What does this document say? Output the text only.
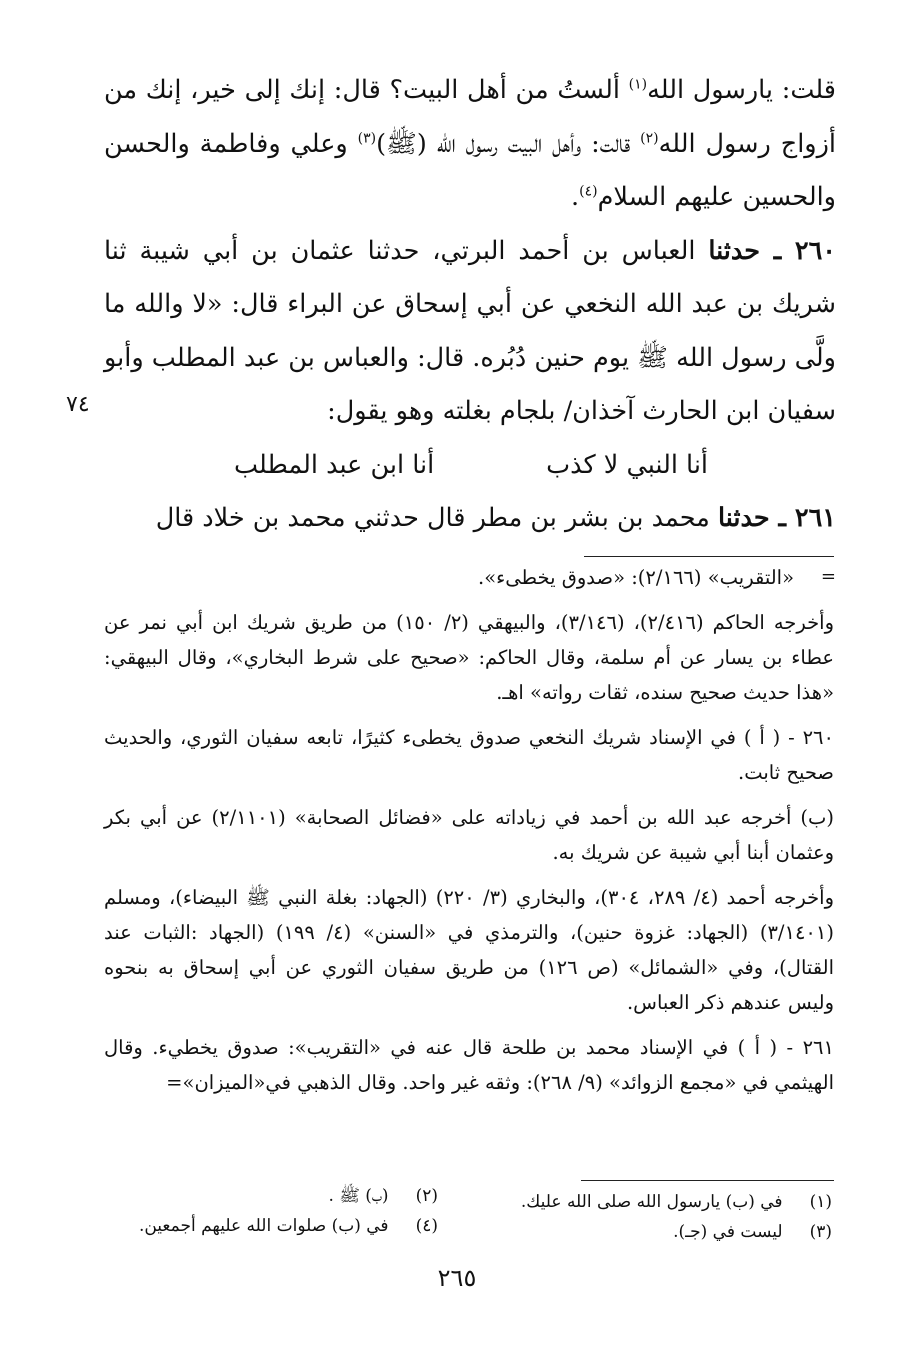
قلت: يارسول الله$^{(١)}$ ألستُ من أهل البيت؟ قال: إنك إلى خير، إنك من أزواج رسول الله$^{(٢)}$ قالت: وأهل البيت رسول الله (ﷺ)$^{(٣)}$ وعلي وفاطمة والحسن والحسين عليهم السلام$^{(٤)}$.

٢٦٠ ـ حدثنا العباس بن أحمد البرتي، حدثنا عثمان بن أبي شيبة ثنا شريك بن عبد الله النخعي عن أبي إسحاق عن البراء قال: «لا والله ما ولَّى رسول الله ﷺ يوم حنين دُبُره. قال: والعباس بن عبد المطلب وأبو سفيان ابن الحارث آخذان/ بلجام بغلته وهو يقول:

أنا النبي لا كذب
أنا ابن عبد المطلب

٢٦١ ـ حدثنا محمد بن بشر بن مطر قال حدثني محمد بن خلاد قال

٧٤

«التقريب» (٢/١٦٦): «صدوق يخطىء».

وأخرجه الحاكم (٢/٤١٦)، (٣/١٤٦)، والبيهقي (٢/ ١٥٠) من طريق شريك ابن أبي نمر عن عطاء بن يسار عن أم سلمة، وقال الحاكم: «صحيح على شرط البخاري»، وقال البيهقي: «هذا حديث صحيح سنده، ثقات رواته» اهـ.

٢٦٠ - ( أ ) في الإسناد شريك النخعي صدوق يخطىء كثيرًا، تابعه سفيان الثوري، والحديث صحيح ثابت.

(ب) أخرجه عبد الله بن أحمد في زياداته على «فضائل الصحابة» (٢/١١٠١) عن أبي بكر وعثمان أبنا أبي شيبة عن شريك به.

وأخرجه أحمد (٤/ ٢٨٩، ٣٠٤)، والبخاري (٣/ ٢٢٠) (الجهاد: بغلة النبي ﷺ البيضاء)، ومسلم (٣/١٤٠١) (الجهاد: غزوة حنين)، والترمذي في «السنن» (٤/ ١٩٩) (الجهاد :الثبات عند القتال)، وفي «الشمائل» (ص ١٢٦) من طريق سفيان الثوري عن أبي إسحاق به بنحوه وليس عندهم ذكر العباس.

٢٦١ - ( أ ) في الإسناد محمد بن طلحة قال عنه في «التقريب»: صدوق يخطيء. وقال الهيثمي في «مجمع الزوائد» (٩/ ٢٦٨): وثقه غير واحد. وقال الذهبي في«الميزان»=

=
(١)     في (ب) يارسول الله صلى الله عليك.
(٢)     (ب) ﷺ .
(٣)     ليست في (جـ).
(٤)     في (ب) صلوات الله عليهم أجمعين.
٢٦٥
